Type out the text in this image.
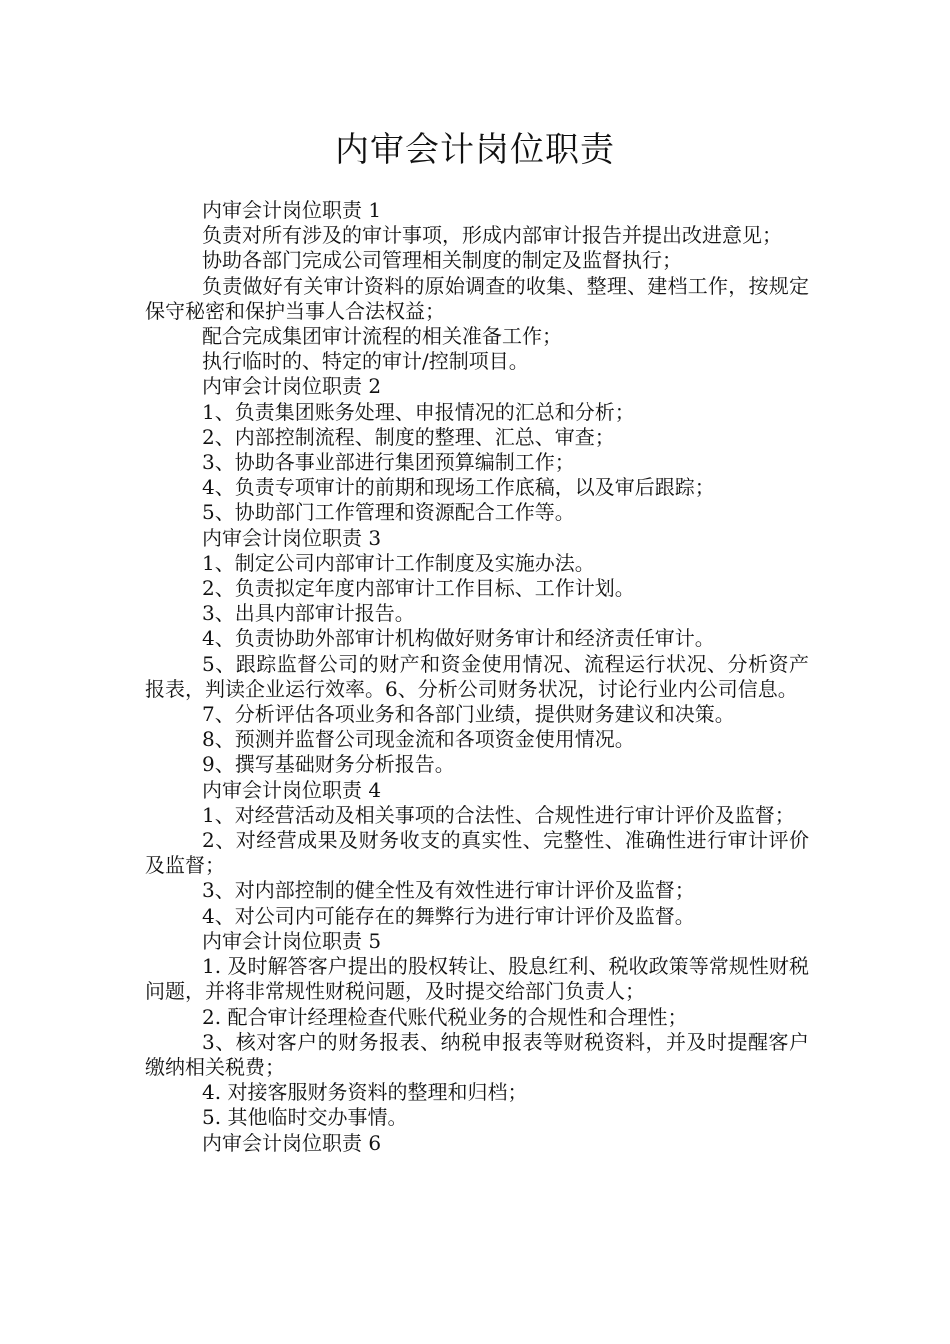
内审会计岗位职责

内审会计岗位职责 1

负责对所有涉及的审计事项，形成内部审计报告并提出改进意见；

协助各部门完成公司管理相关制度的制定及监督执行；

负责做好有关审计资料的原始调查的收集、整理、建档工作，按规定保守秘密和保护当事人合法权益；

配合完成集团审计流程的相关准备工作；

执行临时的、特定的审计/控制项目。

内审会计岗位职责 2

1、负责集团账务处理、申报情况的汇总和分析；

2、内部控制流程、制度的整理、汇总、审查；

3、协助各事业部进行集团预算编制工作；

4、负责专项审计的前期和现场工作底稿，以及审后跟踪；

5、协助部门工作管理和资源配合工作等。

内审会计岗位职责 3

1、制定公司内部审计工作制度及实施办法。

2、负责拟定年度内部审计工作目标、工作计划。

3、出具内部审计报告。

4、负责协助外部审计机构做好财务审计和经济责任审计。

5、跟踪监督公司的财产和资金使用情况、流程运行状况、分析资产报表，判读企业运行效率。6、分析公司财务状况，讨论行业内公司信息。

7、分析评估各项业务和各部门业绩，提供财务建议和决策。

8、预测并监督公司现金流和各项资金使用情况。

9、撰写基础财务分析报告。

内审会计岗位职责 4

1、对经营活动及相关事项的合法性、合规性进行审计评价及监督；

2、对经营成果及财务收支的真实性、完整性、准确性进行审计评价及监督；

3、对内部控制的健全性及有效性进行审计评价及监督；

4、对公司内可能存在的舞弊行为进行审计评价及监督。

内审会计岗位职责 5

1. 及时解答客户提出的股权转让、股息红利、税收政策等常规性财税问题，并将非常规性财税问题，及时提交给部门负责人；

2. 配合审计经理检查代账代税业务的合规性和合理性；

3、核对客户的财务报表、纳税申报表等财税资料，并及时提醒客户缴纳相关税费；

4. 对接客服财务资料的整理和归档；

5. 其他临时交办事情。

内审会计岗位职责 6
